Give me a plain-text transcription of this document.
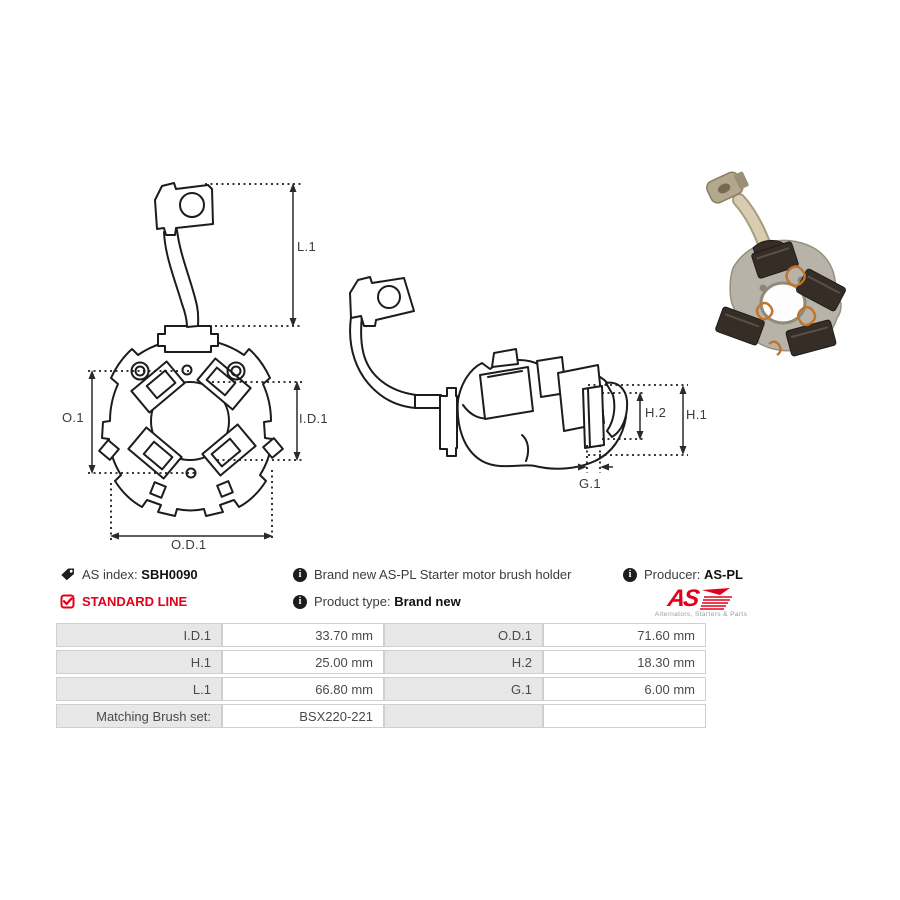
L.1
O.1	I.D.1
O.D.1
H.2 H.1
G.1
AS index: SBH0090
STANDARD LINE
i Brand new AS-PL Starter motor brush holder
i Product type: Brand new
i Producer: AS-PL
AS
Alternators, Starters & Parts
I.D.1	33.70 mm	O.D.1	71.60 mm
H.1	25.00 mm	H.2	18.30 mm
L.1	66.80 mm	G.1	6.00 mm
Matching Brush set:	BSX220-221		
